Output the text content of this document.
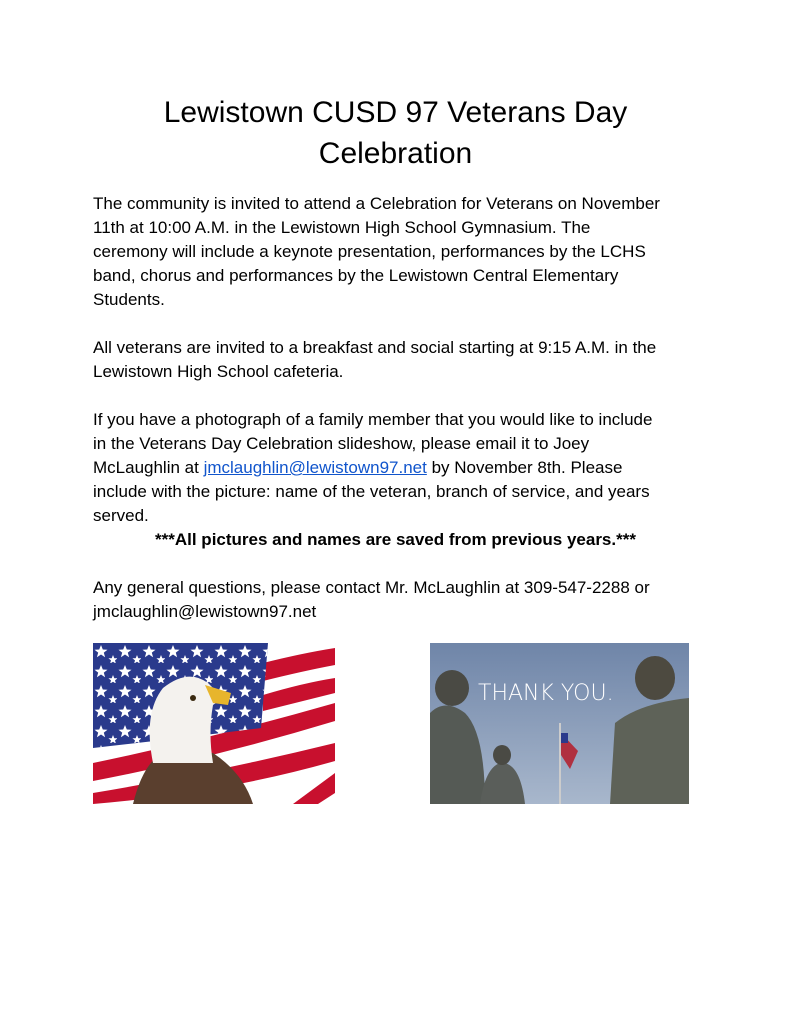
Lewistown CUSD 97 Veterans Day
Celebration
The community is invited to attend a Celebration for Veterans on November
11th at 10:00 A.M. in the Lewistown High School Gymnasium. The
ceremony will include a keynote presentation, performances by the LCHS
band, chorus and performances by the Lewistown Central Elementary
Students.
All veterans are invited to a breakfast and social starting at 9:15 A.M. in the
Lewistown High School cafeteria.
If you have a photograph of a family member that you would like to include
in the Veterans Day Celebration slideshow, please email it to Joey
McLaughlin at jmclaughlin@lewistown97.net by November 8th. Please
include with the picture: name of the veteran, branch of service, and years
served.
***All pictures and names are saved from previous years.***
Any general questions, please contact Mr. McLaughlin at 309-547-2288 or
jmclaughlin@lewistown97.net
THANK YOU.
